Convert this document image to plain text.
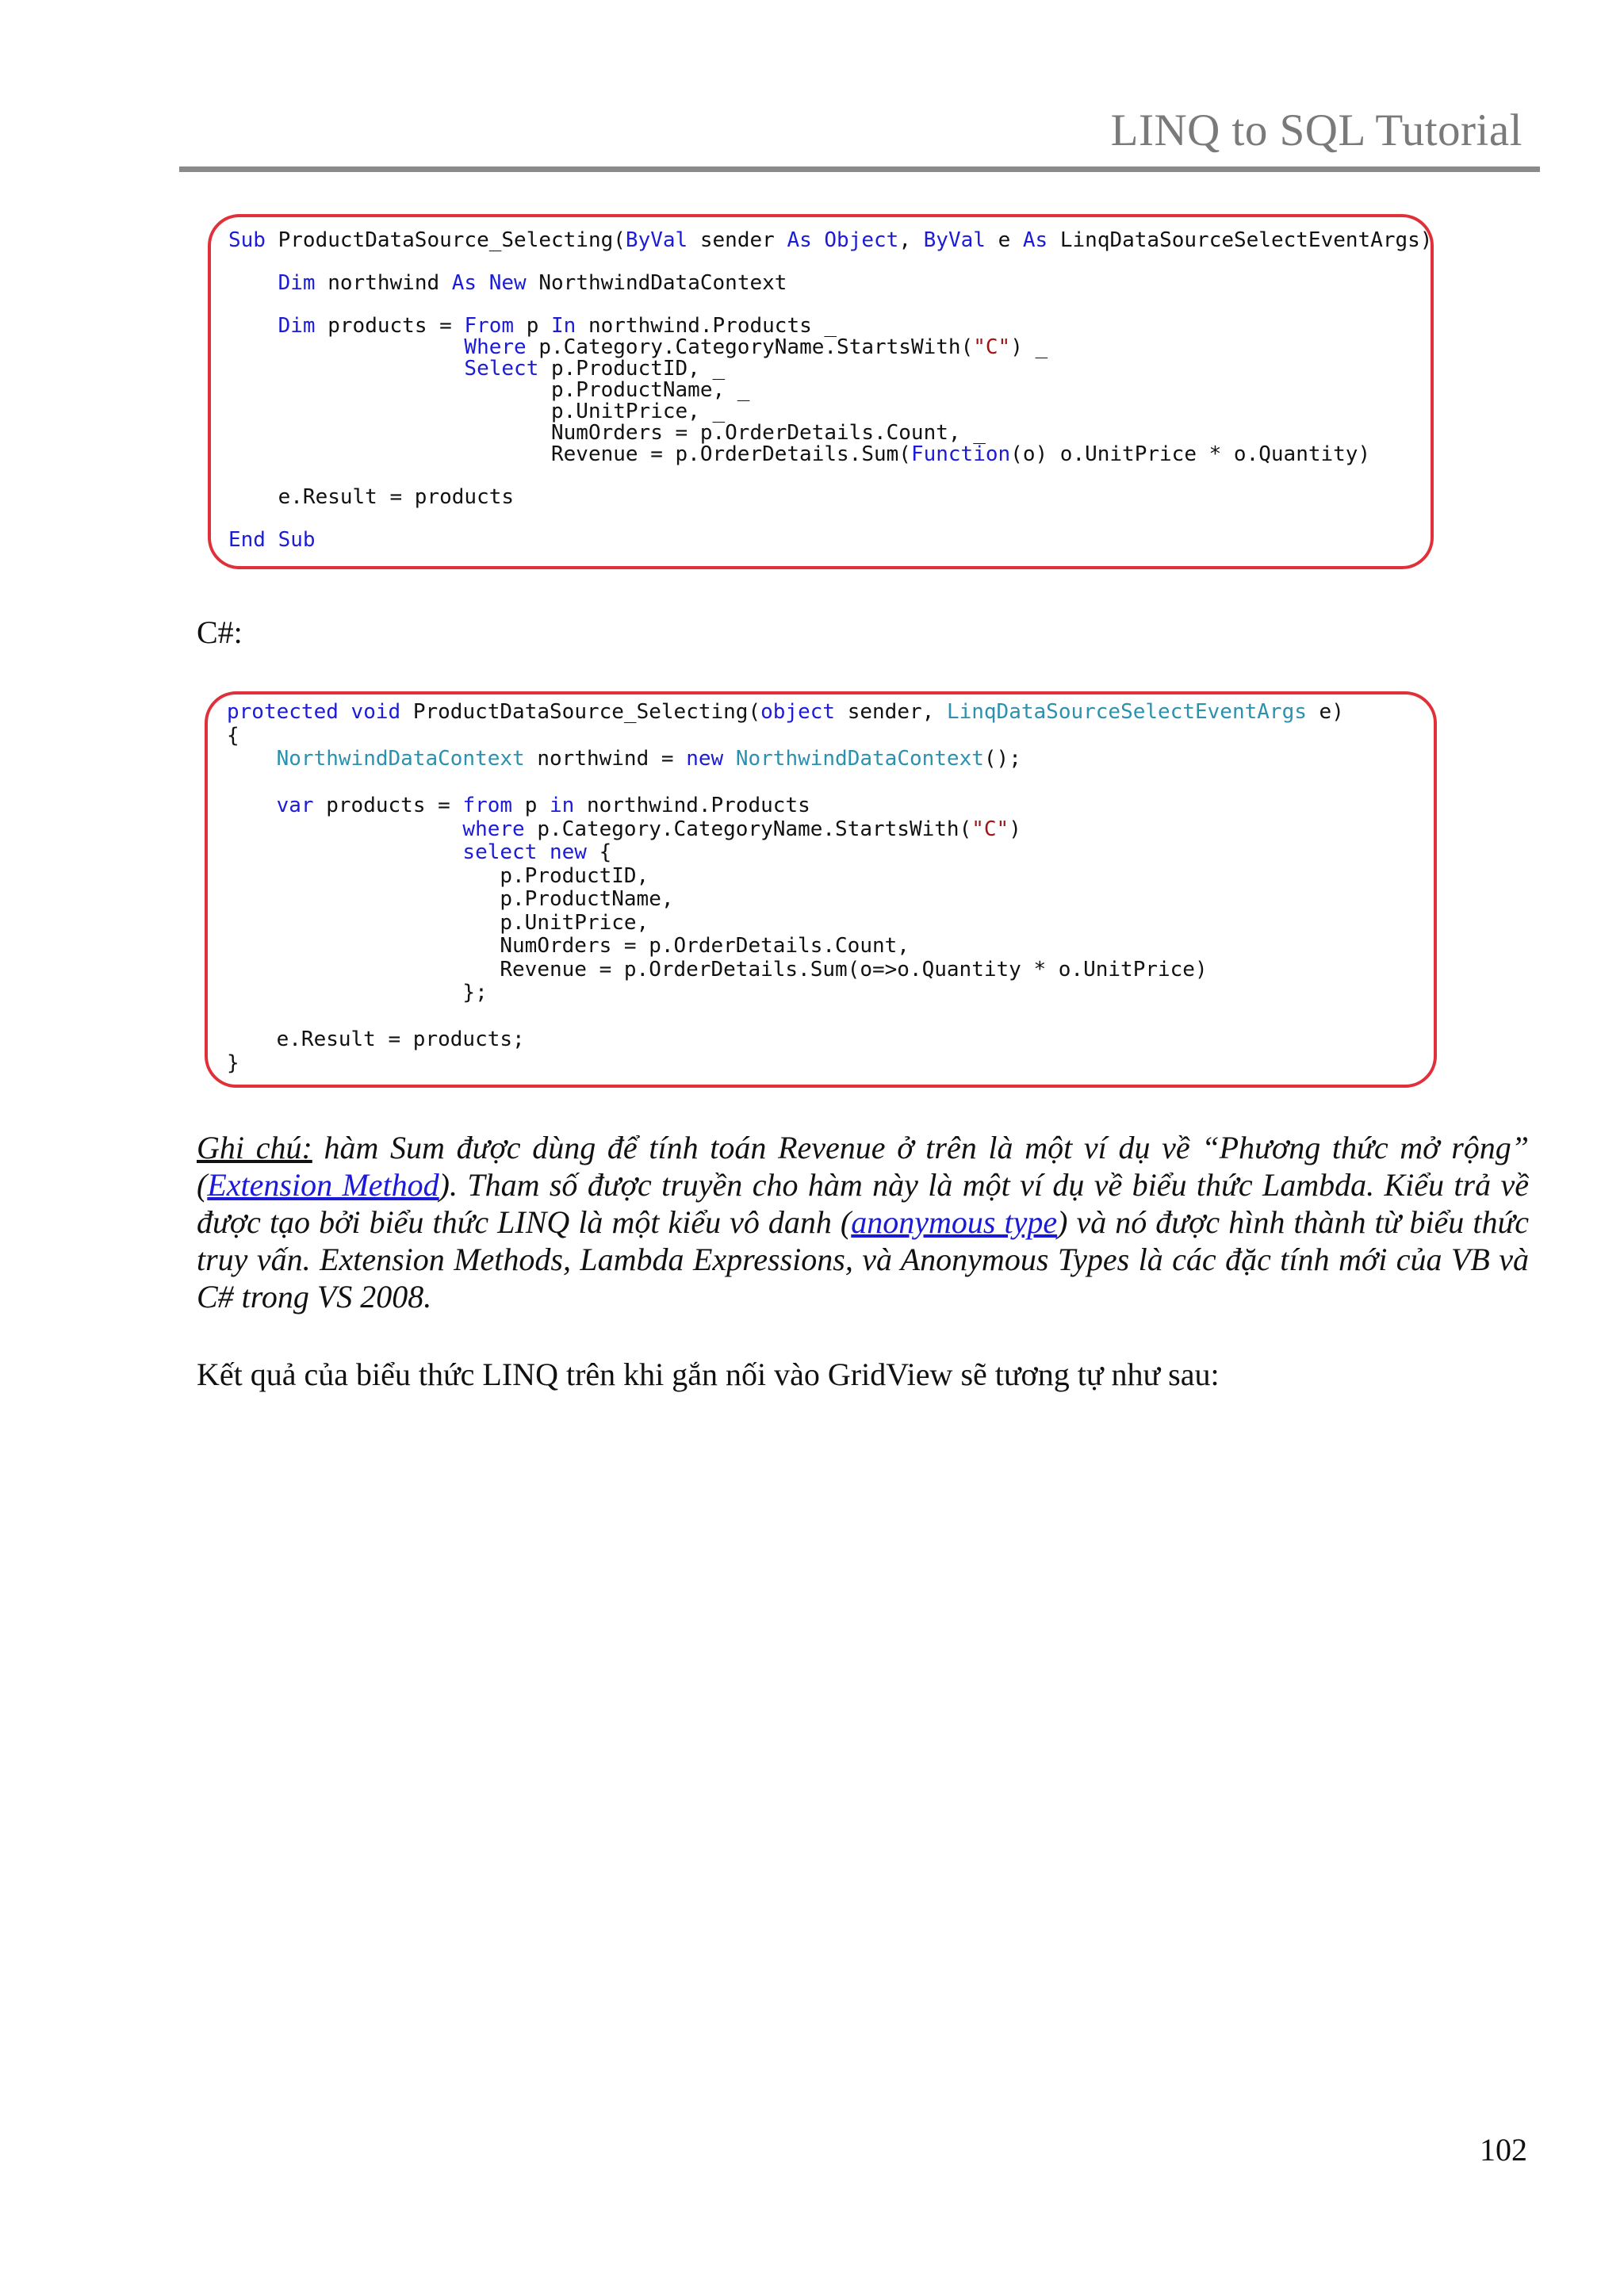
LINQ to SQL Tutorial
Sub ProductDataSource_Selecting(ByVal sender As Object, ByVal e As LinqDataSourceSelectEventArgs)

Dim northwind As New NorthwindDataContext

Dim products = From p In northwind.Products _
Where p.Category.CategoryName.StartsWith("C") _
Select p.ProductID, _
p.ProductName, _
p.UnitPrice, _
NumOrders = p.OrderDetails.Count, _
Revenue = p.OrderDetails.Sum(Function(o) o.UnitPrice * o.Quantity)

e.Result = products

End Sub
C#:
protected void ProductDataSource_Selecting(object sender, LinqDataSourceSelectEventArgs e)
{
NorthwindDataContext northwind = new NorthwindDataContext();

var products = from p in northwind.Products
where p.Category.CategoryName.StartsWith("C")
select new {
p.ProductID,
p.ProductName,
p.UnitPrice,
NumOrders = p.OrderDetails.Count,
Revenue = p.OrderDetails.Sum(o=>o.Quantity * o.UnitPrice)
};

e.Result = products;
}
Ghi chú: hàm Sum được dùng để tính toán Revenue ở trên là một ví dụ về “Phương thức mở rộng” (Extension Method). Tham số được truyền cho hàm này là một ví dụ về biểu thức Lambda. Kiểu trả về được tạo bởi biểu thức LINQ là một kiểu vô danh (anonymous type) và nó được hình thành từ biểu thức truy vấn. Extension Methods, Lambda Expressions, và Anonymous Types là các đặc tính mới của VB và C# trong VS 2008.
Kết quả của biểu thức LINQ trên khi gắn nối vào GridView sẽ tương tự như sau:
102
